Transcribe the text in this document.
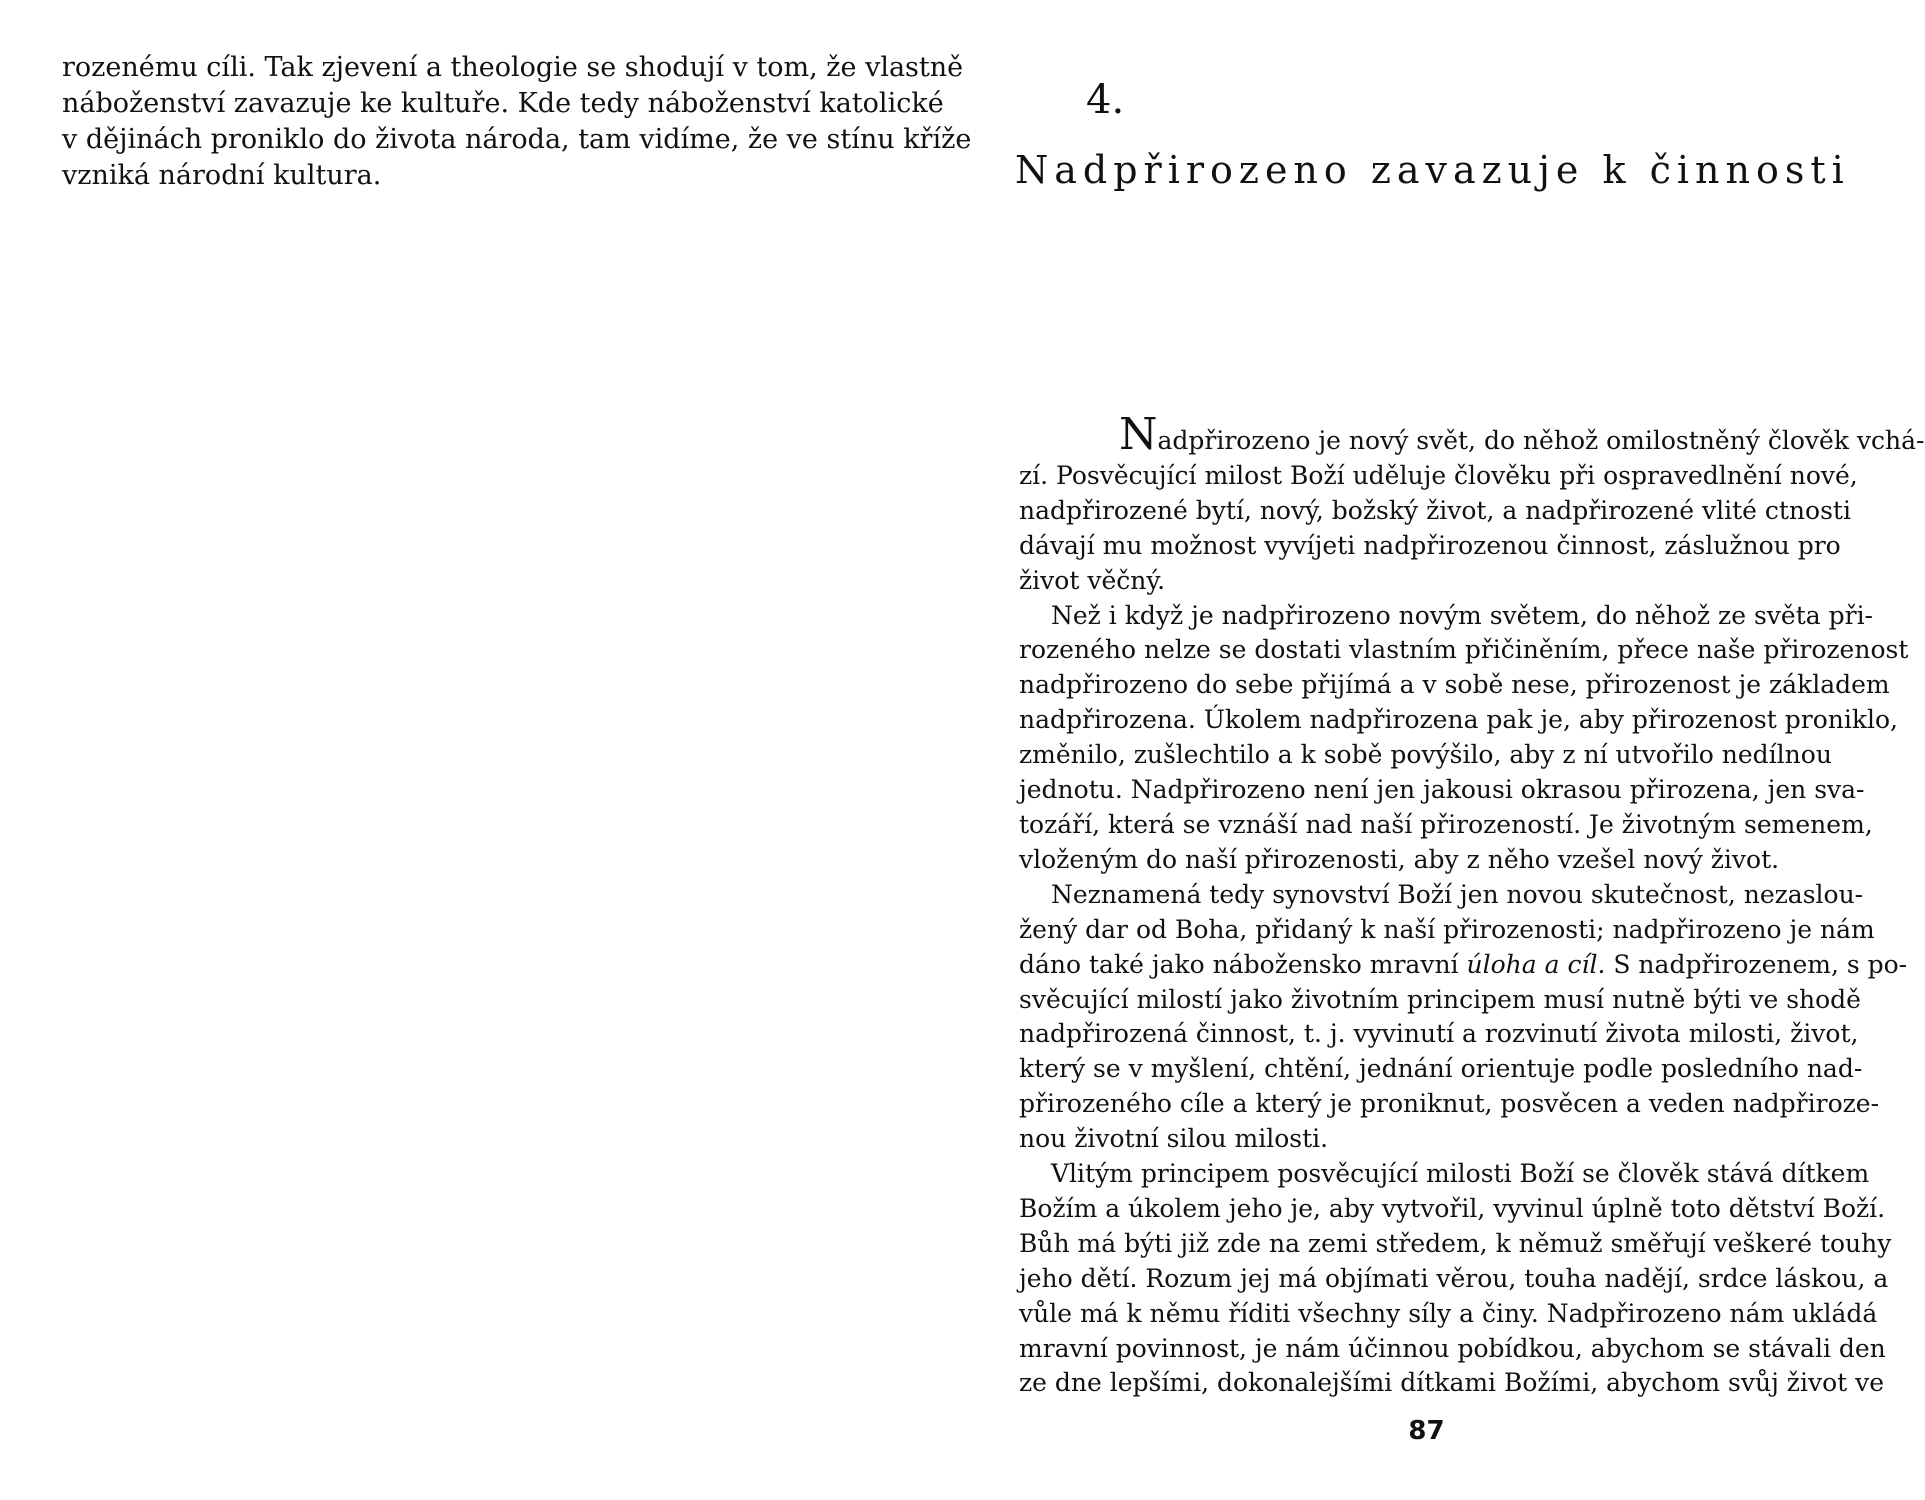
rozenému cíli. Tak zjevení a theologie se shodují v tom, že vlastně
náboženství zavazuje ke kultuře. Kde tedy náboženství katolické
v dějinách proniklo do života národa, tam vidíme, že ve stínu kříže
vzniká národní kultura.
4.
Nadpřirozeno zavazuje k činnosti
Nadpřirozeno je nový svět, do něhož omilostněný člověk vchá-
zí. Posvěcující milost Boží uděluje člověku při ospravedlnění nové,
nadpřirozené bytí, nový, božský život, a nadpřirozené vlité ctnosti
dávají mu možnost vyvíjeti nadpřirozenou činnost, záslužnou pro
život věčný.
Než i když je nadpřirozeno novým světem, do něhož ze světa při-
rozeného nelze se dostati vlastním přičiněním, přece naše přirozenost
nadpřirozeno do sebe přijímá a v sobě nese, přirozenost je základem
nadpřirozena. Úkolem nadpřirozena pak je, aby přirozenost proniklo,
změnilo, zušlechtilo a k sobě povýšilo, aby z ní utvořilo nedílnou
jednotu. Nadpřirozeno není jen jakousi okrasou přirozena, jen sva-
tozáří, která se vznáší nad naší přirozeností. Je životným semenem,
vloženým do naší přirozenosti, aby z něho vzešel nový život.
Neznamená tedy synovství Boží jen novou skutečnost, nezaslou-
žený dar od Boha, přidaný k naší přirozenosti; nadpřirozeno je nám
dáno také jako nábožensko mravní úloha a cíl. S nadpřirozenem, s po-
svěcující milostí jako životním principem musí nutně býti ve shodě
nadpřirozená činnost, t. j. vyvinutí a rozvinutí života milosti, život,
který se v myšlení, chtění, jednání orientuje podle posledního nad-
přirozeného cíle a který je proniknut, posvěcen a veden nadpřiroze-
nou životní silou milosti.
Vlitým principem posvěcující milosti Boží se člověk stává dítkem
Božím a úkolem jeho je, aby vytvořil, vyvinul úplně toto dětství Boží.
Bůh má býti již zde na zemi středem, k němuž směřují veškeré touhy
jeho dětí. Rozum jej má objímati věrou, touha nadějí, srdce láskou, a
vůle má k němu říditi všechny síly a činy. Nadpřirozeno nám ukládá
mravní povinnost, je nám účinnou pobídkou, abychom se stávali den
ze dne lepšími, dokonalejšími dítkami Božími, abychom svůj život ve
87
